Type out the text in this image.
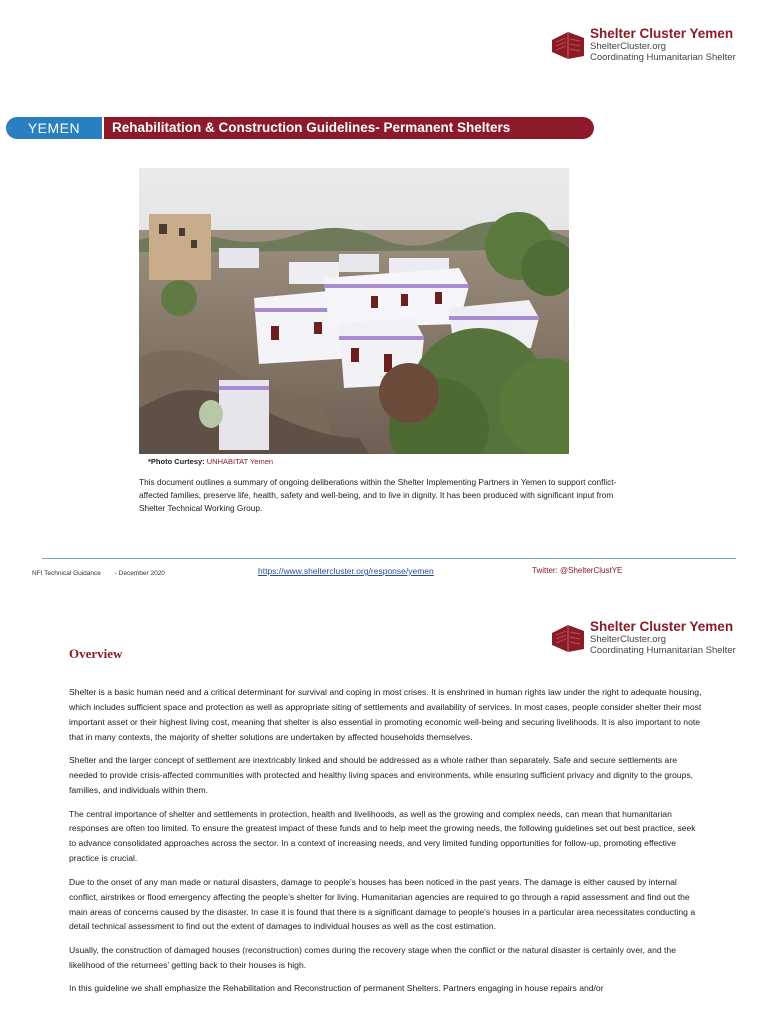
Shelter Cluster Yemen
ShelterCluster.org
Coordinating Humanitarian Shelter
YEMEN	Rehabilitation & Construction Guidelines- Permanent Shelters
*Photo Curtesy: UNHABITAT Yemen
This document outlines a summary of ongoing deliberations within the Shelter Implementing Partners in Yemen to support conflict-affected families, preserve life, health, safety and well-being, and to live in dignity. It has been produced with significant input from Shelter Technical Working Group.
NFI Technical Guidance - December 2020	https://www.sheltercluster.org/response/yemen	Twitter: @ShelterClustYE
Shelter Cluster Yemen
ShelterCluster.org
Coordinating Humanitarian Shelter
Overview

Shelter is a basic human need and a critical determinant for survival and coping in most crises. It is enshrined in human rights law under the right to adequate housing, which includes sufficient space and protection as well as appropriate siting of settlements and availability of services. In most cases, people consider shelter their most important asset or their highest living cost, meaning that shelter is also essential in promoting economic well-being and securing livelihoods. It is also important to note that in many contexts, the majority of shelter solutions are undertaken by affected households themselves.

Shelter and the larger concept of settlement are inextricably linked and should be addressed as a whole rather than separately. Safe and secure settlements are needed to provide crisis-affected communities with protected and healthy living spaces and environments, while ensuring sufficient privacy and dignity to the groups, families, and individuals within them.

The central importance of shelter and settlements in protection, health and livelihoods, as well as the growing and complex needs, can mean that humanitarian responses are often too limited. To ensure the greatest impact of these funds and to help meet the growing needs, the following guidelines set out best practice, seek to advance consolidated approaches across the sector. In a context of increasing needs, and very limited funding opportunities for follow-up, promoting effective practice is crucial.

Due to the onset of any man made or natural disasters, damage to people’s houses has been noticed in the past years. The damage is either caused by internal conflict, airstrikes or flood emergency affecting the people’s shelter for living. Humanitarian agencies are required to go through a rapid assessment and find out the main areas of concerns caused by the disaster. In case it is found that there is a significant damage to people’s houses in a particular area necessitates conducting a detail technical assessment to find out the extent of damages to individual houses as well as the cost estimation.

Usually, the construction of damaged houses (reconstruction) comes during the recovery stage when the conflict or the natural disaster is certainly over, and the likelihood of the returnees’ getting back to their houses is high.

In this guideline we shall emphasize the Rehabilitation and Reconstruction of permanent Shelters. Partners engaging in house repairs and/or
